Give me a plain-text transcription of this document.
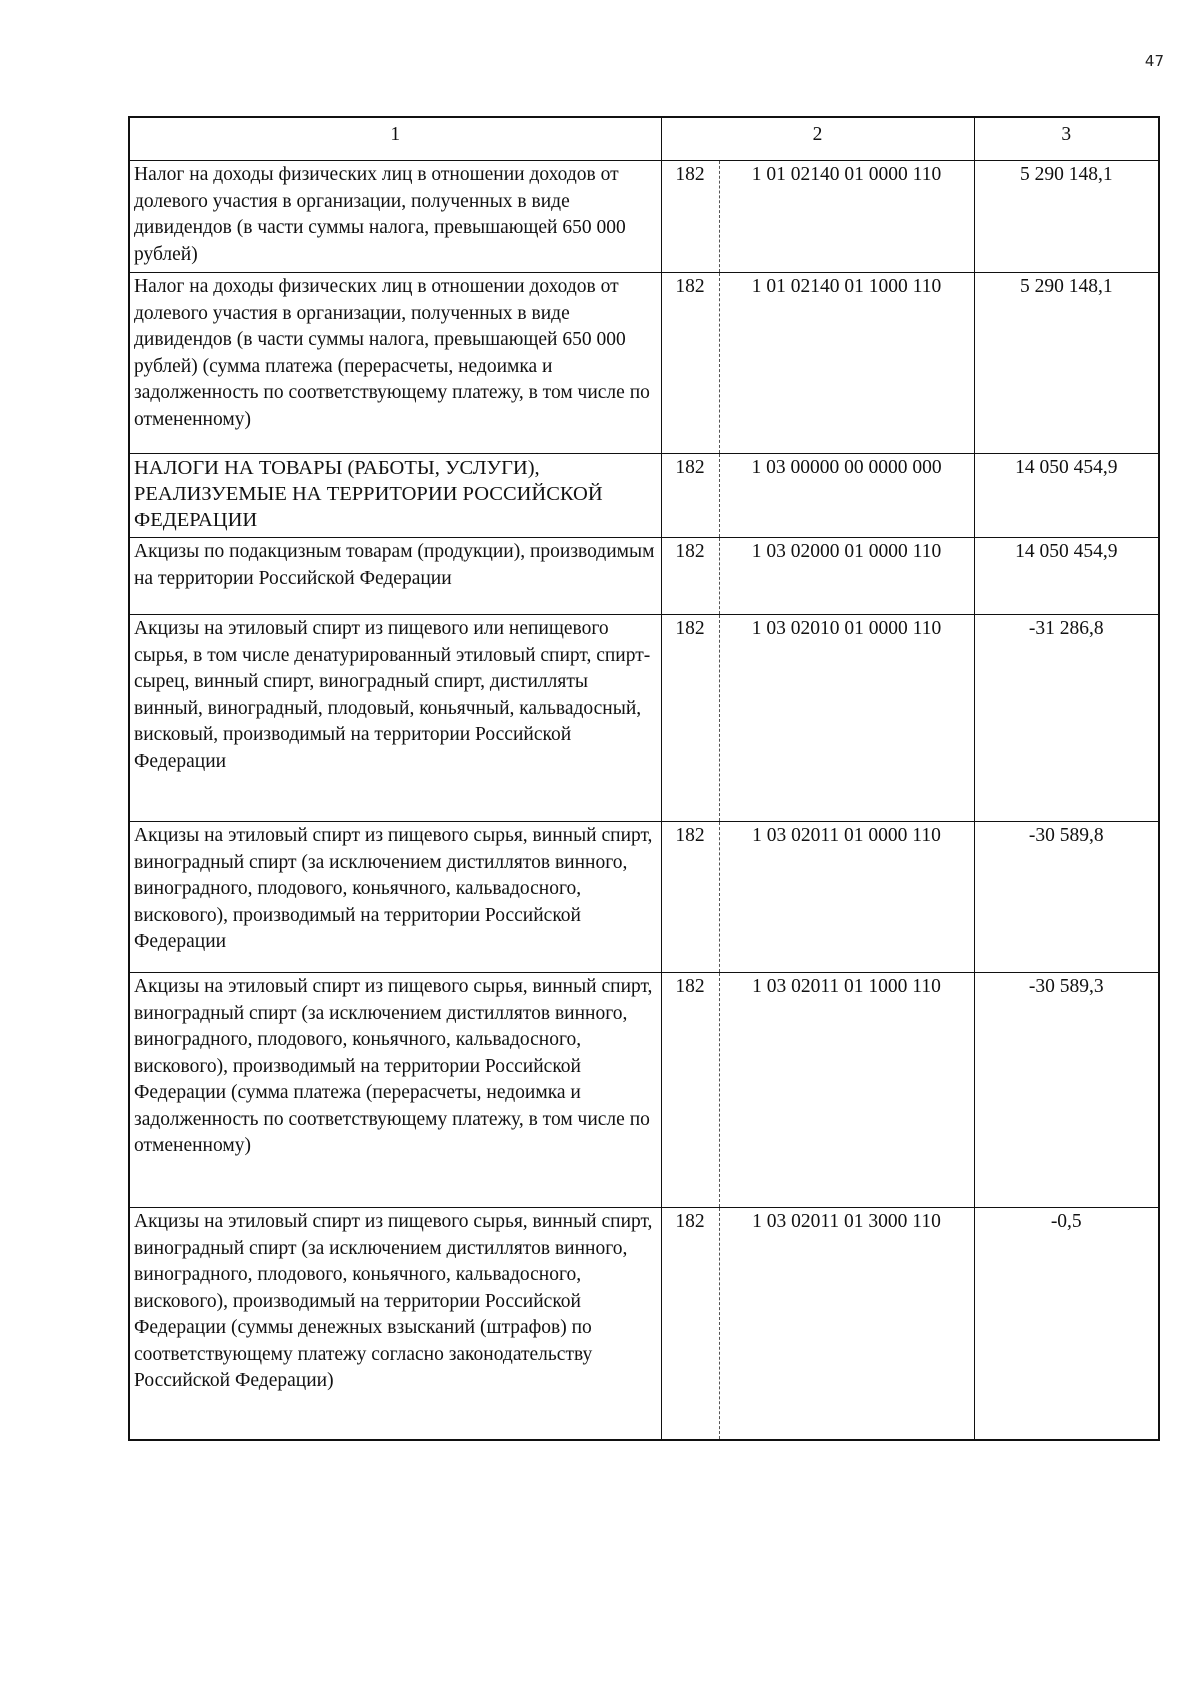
47
1	2		3
Налог на доходы физических лиц в отношении доходов от долевого участия в организации, полученных в виде дивидендов (в части суммы налога, превышающей 650 000 рублей)	182	1 01 02140 01 0000 110	5 290 148,1
Налог на доходы физических лиц в отношении доходов от долевого участия в организации, полученных в виде дивидендов (в части суммы налога, превышающей 650 000 рублей) (сумма платежа (перерасчеты, недоимка и задолженность по соответствующему платежу, в том числе по отмененному)	182	1 01 02140 01 1000 110	5 290 148,1
НАЛОГИ НА ТОВАРЫ (РАБОТЫ, УСЛУГИ), РЕАЛИЗУЕМЫЕ НА ТЕРРИТОРИИ РОССИЙСКОЙ ФЕДЕРАЦИИ	182	1 03 00000 00 0000 000	14 050 454,9
Акцизы по подакцизным товарам (продукции), производимым на территории Российской Федерации	182	1 03 02000 01 0000 110	14 050 454,9
Акцизы на этиловый спирт из пищевого или непищевого сырья, в том числе денатурированный этиловый спирт, спирт-сырец, винный спирт, виноградный спирт, дистилляты винный, виноградный, плодовый, коньячный, кальвадосный, висковый, производимый на территории Российской Федерации	182	1 03 02010 01 0000 110	-31 286,8
Акцизы на этиловый спирт из пищевого сырья, винный спирт, виноградный спирт (за исключением дистиллятов винного, виноградного, плодового, коньячного, кальвадосного, вискового), производимый на территории Российской Федерации	182	1 03 02011 01 0000 110	-30 589,8
Акцизы на этиловый спирт из пищевого сырья, винный спирт, виноградный спирт (за исключением дистиллятов винного, виноградного, плодового, коньячного, кальвадосного, вискового), производимый на территории Российской Федерации (сумма платежа (перерасчеты, недоимка и задолженность по соответствующему платежу, в том числе по отмененному)	182	1 03 02011 01 1000 110	-30 589,3
Акцизы на этиловый спирт из пищевого сырья, винный спирт, виноградный спирт (за исключением дистиллятов винного, виноградного, плодового, коньячного, кальвадосного, вискового), производимый на территории Российской Федерации (суммы денежных взысканий (штрафов) по соответствующему платежу согласно законодательству Российской Федерации)	182	1 03 02011 01 3000 110	-0,5
